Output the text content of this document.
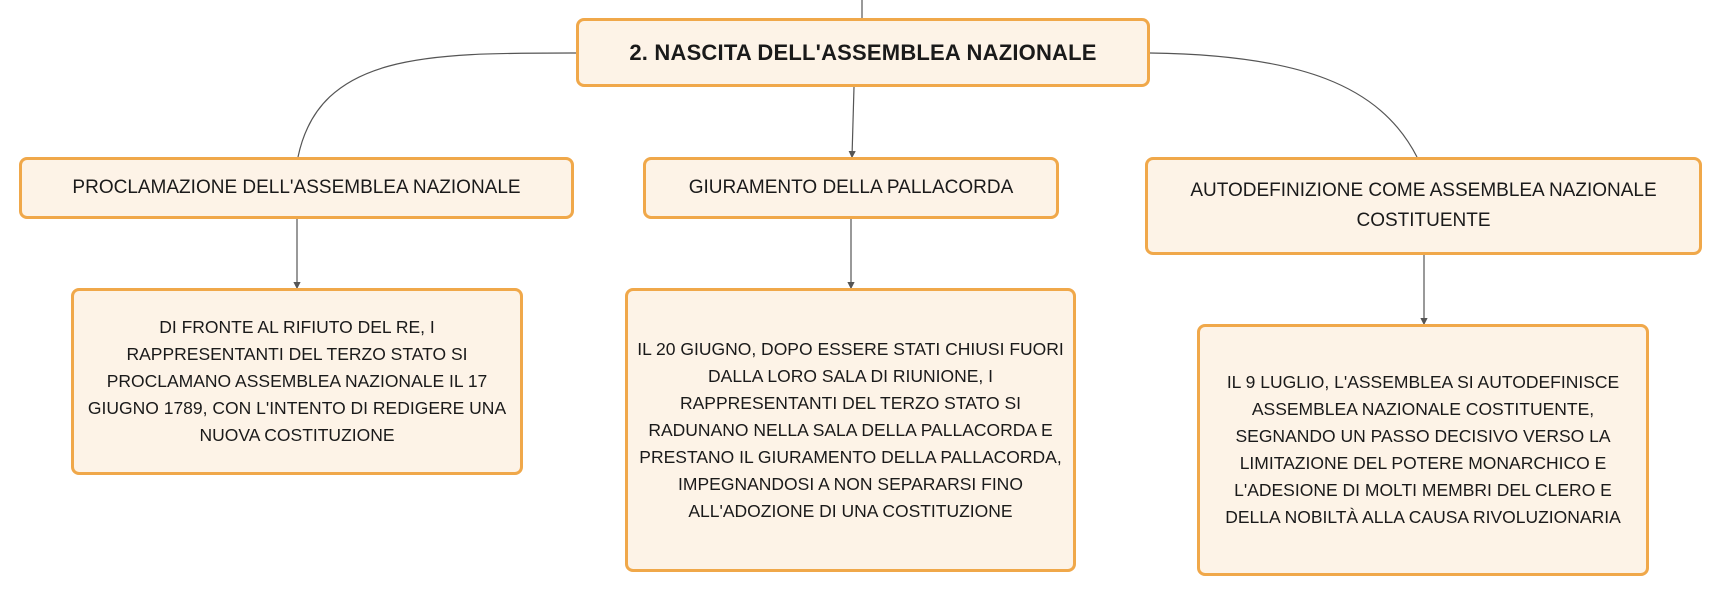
2. NASCITA DELL'ASSEMBLEA NAZIONALE
PROCLAMAZIONE DELL'ASSEMBLEA NAZIONALE	GIURAMENTO DELLA PALLACORDA	AUTODEFINIZIONE COME ASSEMBLEA NAZIONALE COSTITUENTE
DI FRONTE AL RIFIUTO DEL RE, I RAPPRESENTANTI DEL TERZO STATO SI PROCLAMANO ASSEMBLEA NAZIONALE IL 17 GIUGNO 1789, CON L'INTENTO DI REDIGERE UNA NUOVA COSTITUZIONE
IL 20 GIUGNO, DOPO ESSERE STATI CHIUSI FUORI DALLA LORO SALA DI RIUNIONE, I RAPPRESENTANTI DEL TERZO STATO SI RADUNANO NELLA SALA DELLA PALLACORDA E PRESTANO IL GIURAMENTO DELLA PALLACORDA, IMPEGNANDOSI A NON SEPARARSI FINO ALL'ADOZIONE DI UNA COSTITUZIONE
IL 9 LUGLIO, L'ASSEMBLEA SI AUTODEFINISCE ASSEMBLEA NAZIONALE COSTITUENTE, SEGNANDO UN PASSO DECISIVO VERSO LA LIMITAZIONE DEL POTERE MONARCHICO E L'ADESIONE DI MOLTI MEMBRI DEL CLERO E DELLA NOBILTÀ ALLA CAUSA RIVOLUZIONARIA
